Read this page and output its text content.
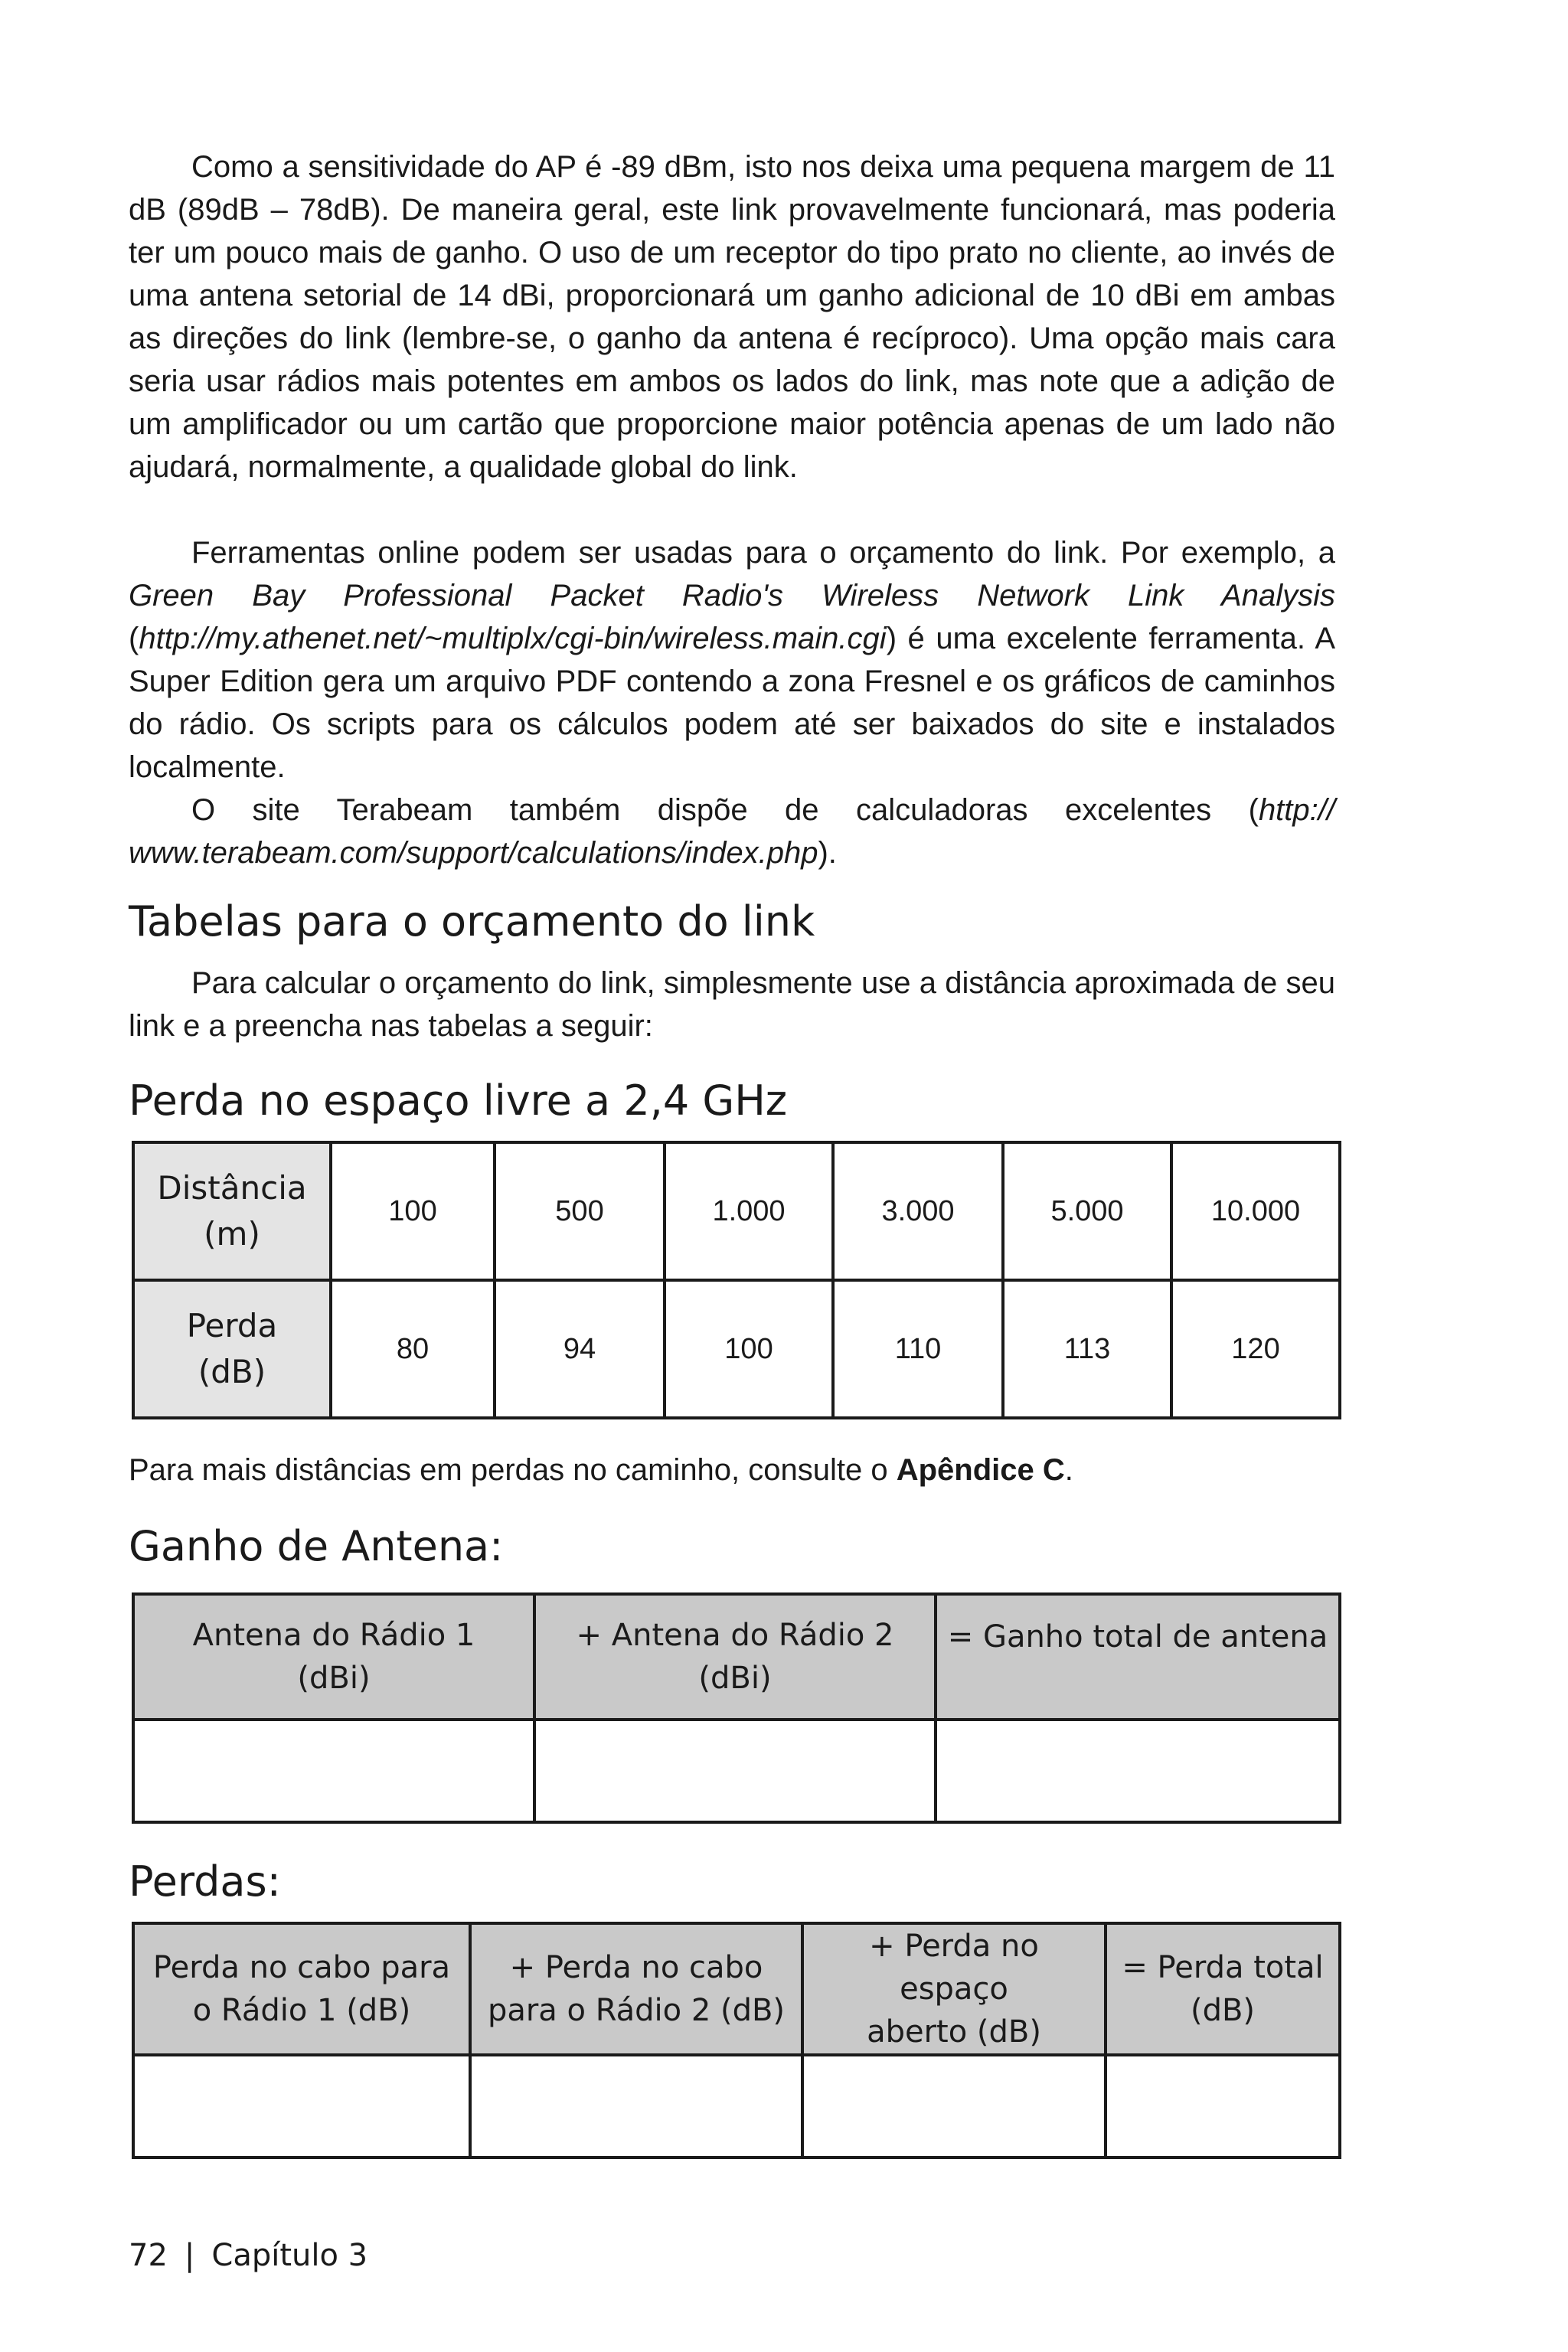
Como a sensitividade do AP é -89 dBm, isto nos deixa uma pequena margem de 11 dB (89dB – 78dB). De maneira geral, este link provavelmente funcionará, mas poderia ter um pouco mais de ganho. O uso de um receptor do tipo prato no cliente, ao invés de uma antena setorial de 14 dBi, proporcionará um ganho adicional de 10 dBi em ambas as direções do link (lembre-se, o ganho da antena é recíproco). Uma opção mais cara seria usar rádios mais potentes em ambos os lados do link, mas note que a adição de um amplificador ou um cartão que proporcione maior potência apenas de um lado não ajudará, normalmente, a qualidade global do link.

Ferramentas online podem ser usadas para o orçamento do link. Por exemplo, a Green Bay Professional Packet Radio's Wireless Network Link Analysis (http://my.athenet.net/~multiplx/cgi-bin/wireless.main.cgi) é uma excelente ferramenta. A Super Edition gera um arquivo PDF contendo a zona Fresnel e os gráficos de caminhos do rádio. Os scripts para os cálculos podem até ser baixados do site e instalados localmente.

O site Terabeam também dispõe de calculadoras excelentes (http:// www.terabeam.com/support/calculations/index.php).

Tabelas para o orçamento do link

Para calcular o orçamento do link, simplesmente use a distância aproximada de seu link e a preencha nas tabelas a seguir:

Perda no espaço livre a 2,4 GHz
Distância
(m)	100	500	1.000	3.000	5.000	10.000
Perda
(dB)	80	94	100	110	113	120

Para mais distâncias em perdas no caminho, consulte o Apêndice C.

Ganho de Antena:
Antena do Rádio 1
(dBi)	+ Antena do Rádio 2
(dBi)	= Ganho total de antena

Perdas:
Perda no cabo para
o Rádio 1 (dB)	+ Perda no cabo
para o Rádio 2 (dB)	+ Perda no espaço
aberto (dB)	= Perda total
(dB)

72 | Capítulo 3
